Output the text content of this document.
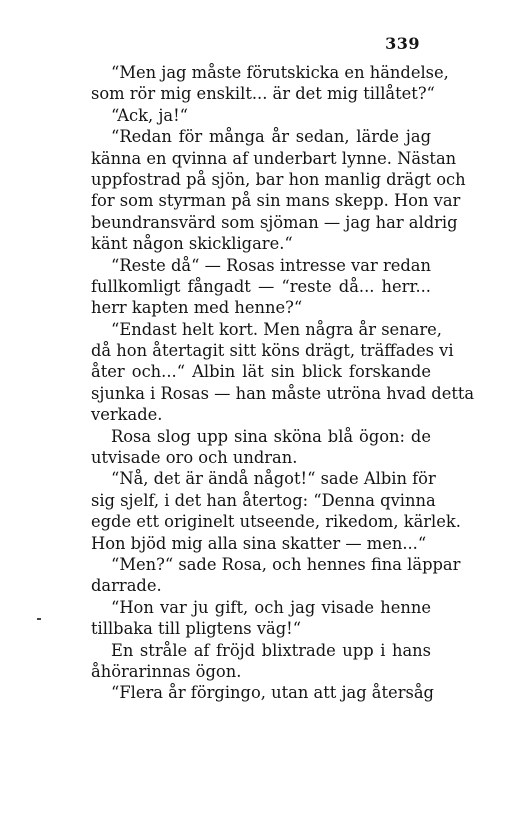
339
“Men jag måste förutskicka en händelse,
som rör mig enskilt... är det mig tillåtet?“
“Ack, ja!“
“Redan för många år sedan, lärde jag
känna en qvinna af underbart lynne. Nästan
uppfostrad på sjön, bar hon manlig drägt och
for som styrman på sin mans skepp. Hon var
beundransvärd som sjöman — jag har aldrig
känt någon skickligare.“
“Reste då“ — Rosas intresse var redan
fullkomligt fångadt — “reste då... herr...
herr kapten med henne?“
“Endast helt kort. Men några år senare,
då hon återtagit sitt köns drägt, träffades vi
åter och...“ Albin lät sin blick forskande
sjunka i Rosas — han måste utröna hvad detta
verkade.
Rosa slog upp sina sköna blå ögon: de
utvisade oro och undran.
“Nå, det är ändå något!“ sade Albin för
sig sjelf, i det han återtog: “Denna qvinna
egde ett originelt utseende, rikedom, kärlek.
Hon bjöd mig alla sina skatter — men...“
“Men?“ sade Rosa, och hennes fina läppar
darrade.
“Hon var ju gift, och jag visade henne
tillbaka till pligtens väg!“
En stråle af fröjd blixtrade upp i hans
åhörarinnas ögon.
“Flera år förgingo, utan att jag återsåg
